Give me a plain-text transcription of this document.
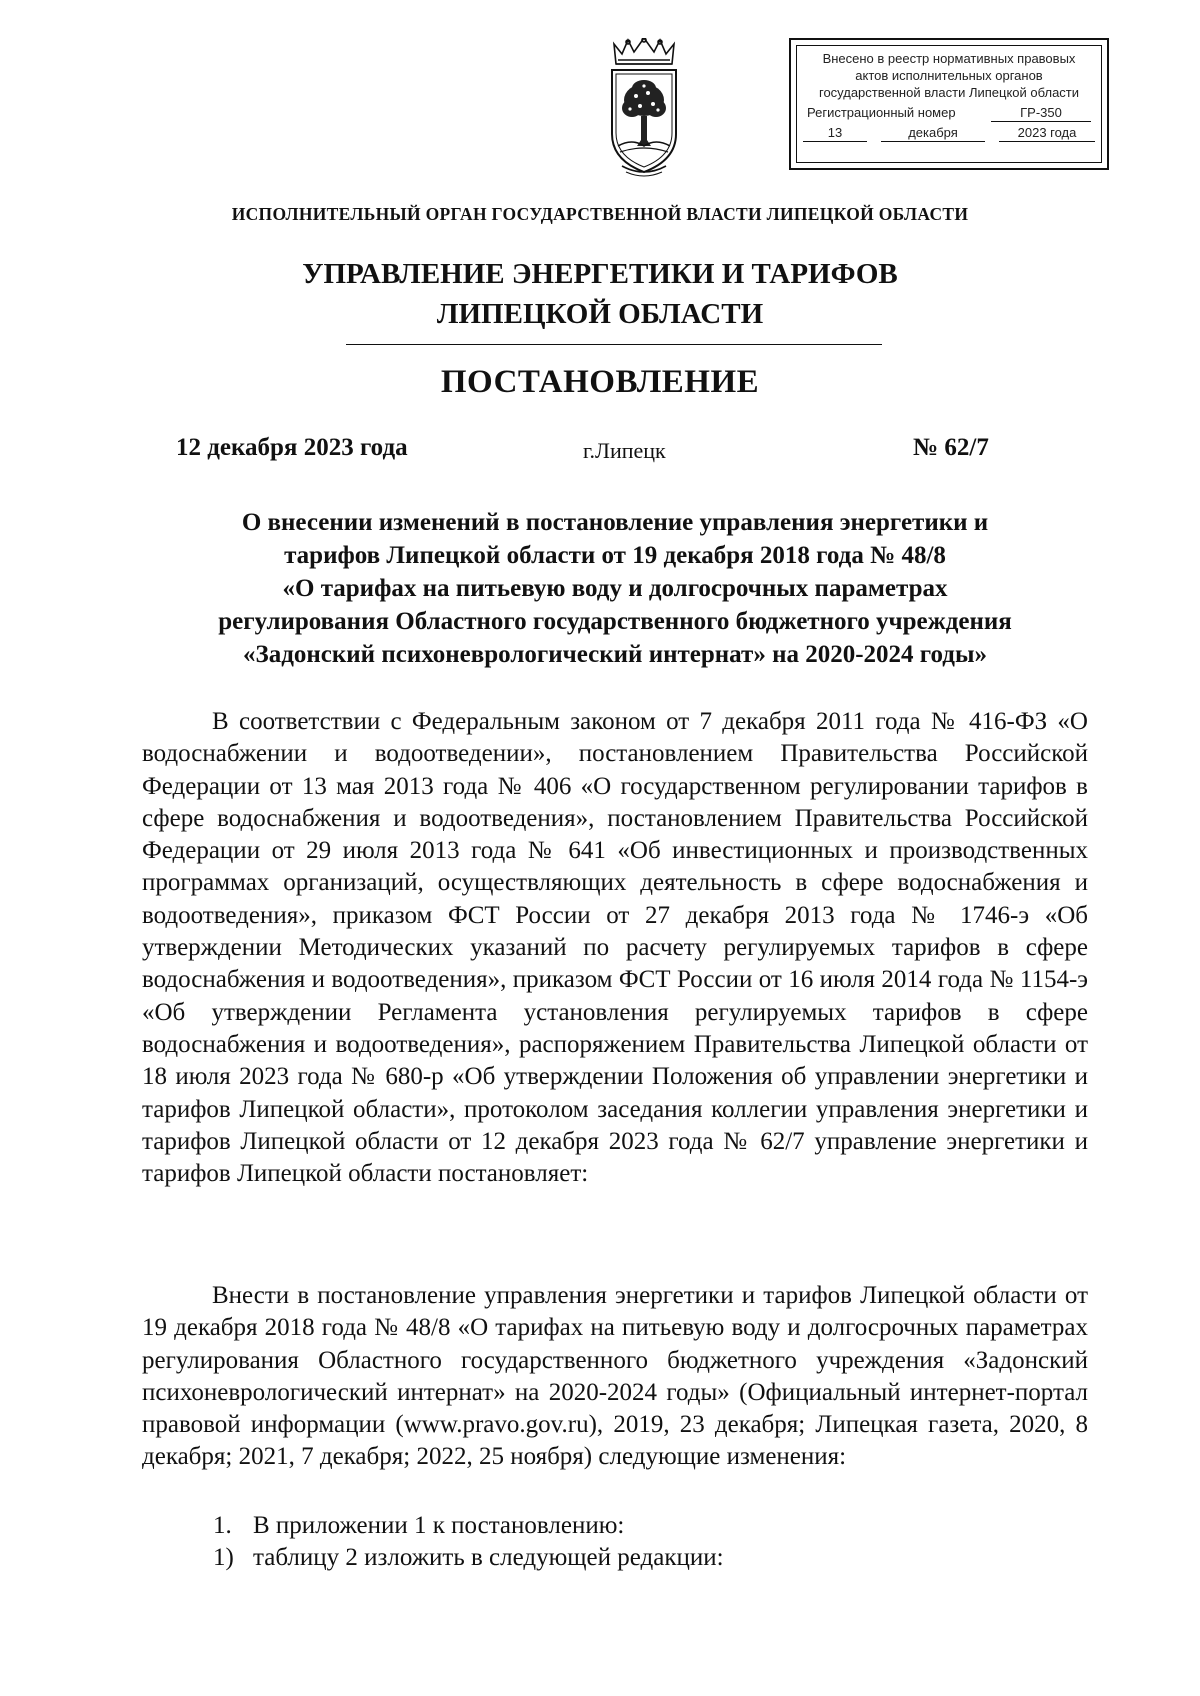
Внесено в реестр нормативных правовых
актов исполнительных органов
государственной власти Липецкой области
Регистрационный номер	ГР-350
13	декабря	2023 года
ИСПОЛНИТЕЛЬНЫЙ ОРГАН ГОСУДАРСТВЕННОЙ ВЛАСТИ ЛИПЕЦКОЙ ОБЛАСТИ
УПРАВЛЕНИЕ ЭНЕРГЕТИКИ И ТАРИФОВ
ЛИПЕЦКОЙ ОБЛАСТИ
ПОСТАНОВЛЕНИЕ
12 декабря 2023 года	г.Липецк	№ 62/7
О внесении изменений в постановление управления энергетики и
тарифов Липецкой области от 19 декабря 2018 года № 48/8
«О тарифах на питьевую воду и долгосрочных параметрах
регулирования Областного государственного бюджетного учреждения
«Задонский психоневрологический интернат» на 2020-2024 годы»
В соответствии с Федеральным законом от 7 декабря 2011 года № 416-ФЗ «О водоснабжении и водоотведении», постановлением Правительства Российской Федерации от 13 мая 2013 года № 406 «О государственном регулировании тарифов в сфере водоснабжения и водоотведения», постановлением Правительства Российской Федерации от 29 июля 2013 года № 641 «Об инвестиционных и производственных программах организаций, осуществляющих деятельность в сфере водоснабжения и водоотведения», приказом ФСТ России от 27 декабря 2013 года № 1746-э «Об утверждении Методических указаний по расчету регулируемых тарифов в сфере водоснабжения и водоотведения», приказом ФСТ России от 16 июля 2014 года № 1154-э «Об утверждении Регламента установления регулируемых тарифов в сфере водоснабжения и водоотведения», распоряжением Правительства Липецкой области от 18 июля 2023 года № 680-р «Об утверждении Положения об управлении энергетики и тарифов Липецкой области», протоколом заседания коллегии управления энергетики и тарифов Липецкой области от 12 декабря 2023 года № 62/7 управление энергетики и тарифов Липецкой области постановляет:
Внести в постановление управления энергетики и тарифов Липецкой области от 19 декабря 2018 года № 48/8 «О тарифах на питьевую воду и долгосрочных параметрах регулирования Областного государственного бюджетного учреждения «Задонский психоневрологический интернат» на 2020-2024 годы» (Официальный интернет-портал правовой информации (www.pravo.gov.ru), 2019, 23 декабря; Липецкая газета, 2020, 8 декабря; 2021, 7 декабря; 2022, 25 ноября) следующие изменения:
1. В приложении 1 к постановлению:
1) таблицу 2 изложить в следующей редакции:
